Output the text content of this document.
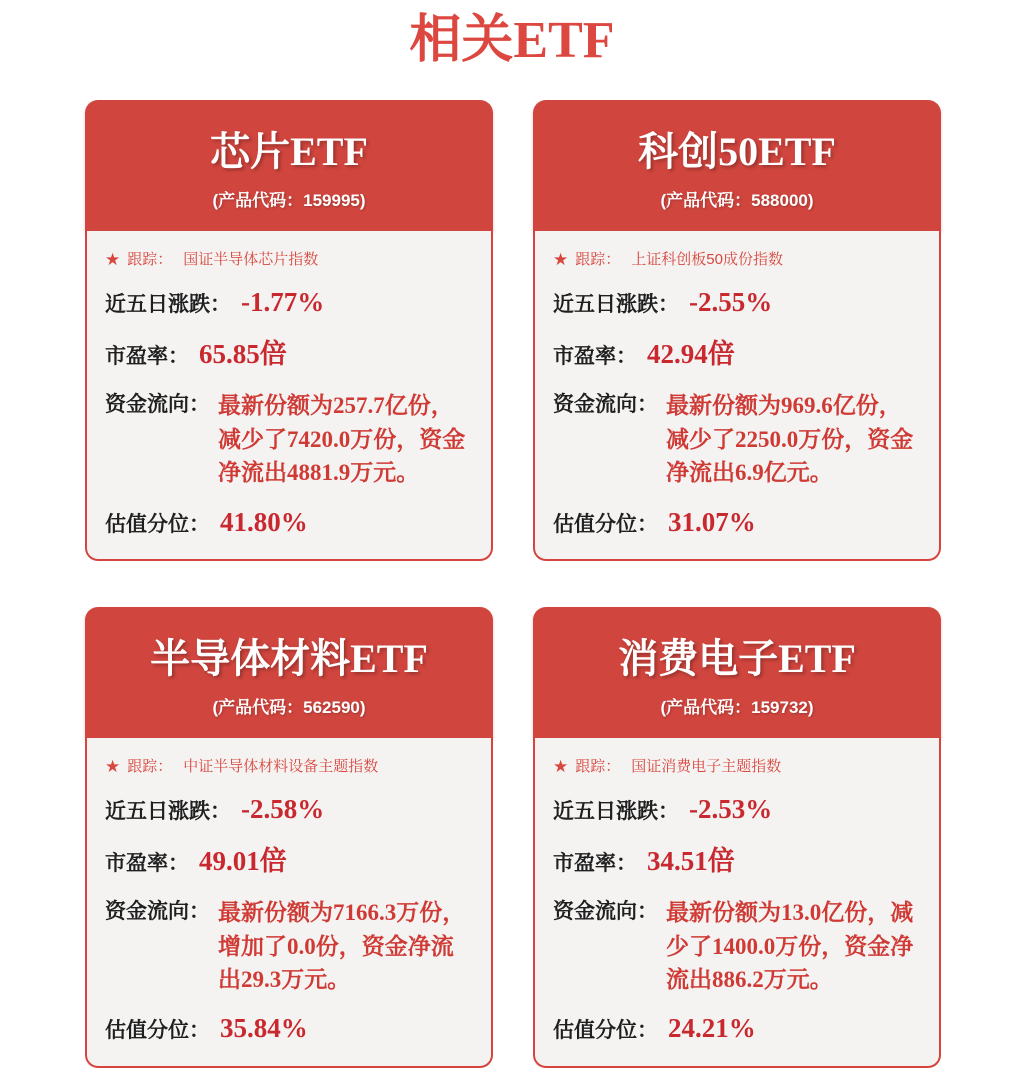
相关ETF
芯片ETF
(产品代码：159995)
★ 跟踪： 国证半导体芯片指数
近五日涨跌： -1.77%
市盈率： 65.85倍
资金流向： 最新份额为257.7亿份，减少了7420.0万份，资金净流出4881.9万元。
估值分位： 41.80%
科创50ETF
(产品代码：588000)
★ 跟踪： 上证科创板50成份指数
近五日涨跌： -2.55%
市盈率： 42.94倍
资金流向： 最新份额为969.6亿份，减少了2250.0万份，资金净流出6.9亿元。
估值分位： 31.07%
半导体材料ETF
(产品代码：562590)
★ 跟踪： 中证半导体材料设备主题指数
近五日涨跌： -2.58%
市盈率： 49.01倍
资金流向： 最新份额为7166.3万份，增加了0.0份，资金净流出29.3万元。
估值分位： 35.84%
消费电子ETF
(产品代码：159732)
★ 跟踪： 国证消费电子主题指数
近五日涨跌： -2.53%
市盈率： 34.51倍
资金流向： 最新份额为13.0亿份，减少了1400.0万份，资金净流出886.2万元。
估值分位： 24.21%
